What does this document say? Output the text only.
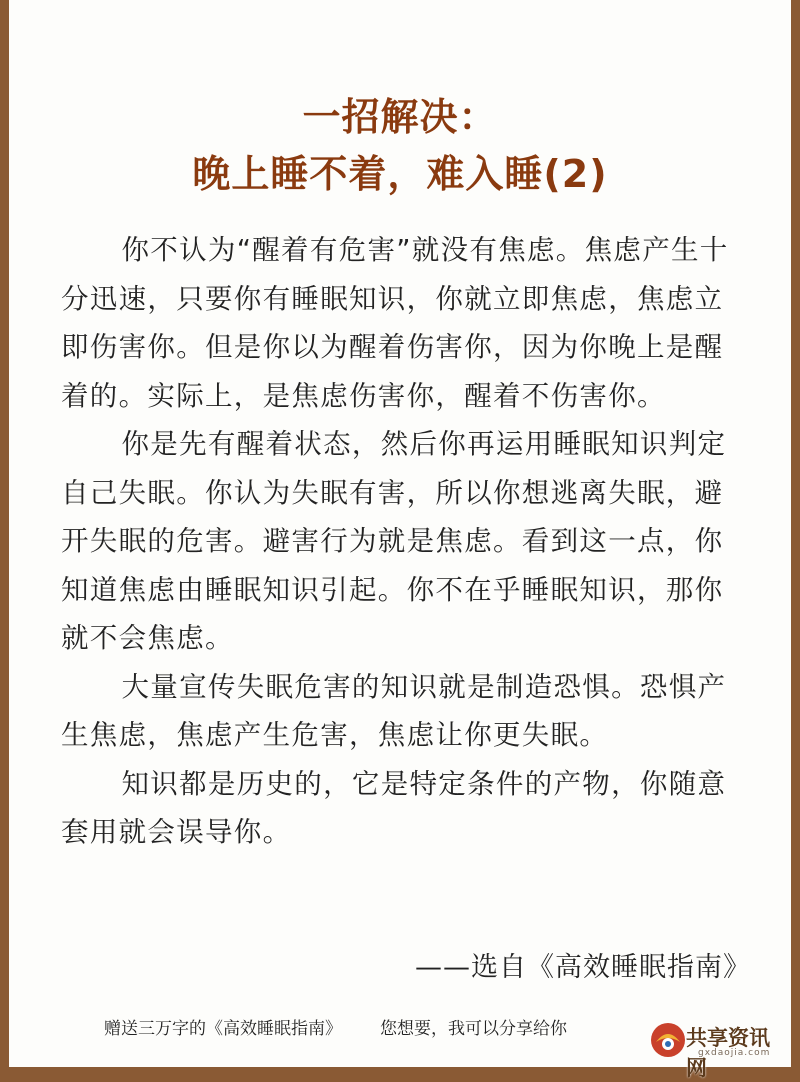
一招解决：
晚上睡不着，难入睡(2)

你不认为“醒着有危害”就没有焦虑。焦虑产生十分迅速，只要你有睡眠知识，你就立即焦虑，焦虑立即伤害你。但是你以为醒着伤害你，因为你晚上是醒着的。实际上，是焦虑伤害你，醒着不伤害你。

你是先有醒着状态，然后你再运用睡眠知识判定自己失眠。你认为失眠有害，所以你想逃离失眠，避开失眠的危害。避害行为就是焦虑。看到这一点，你知道焦虑由睡眠知识引起。你不在乎睡眠知识，那你就不会焦虑。

大量宣传失眠危害的知识就是制造恐惧。恐惧产生焦虑，焦虑产生危害，焦虑让你更失眠。

知识都是历史的，它是特定条件的产物，你随意套用就会误导你。

——选自《高效睡眠指南》
赠送三万字的《高效睡眠指南》 您想要，我可以分享给你	共享资讯网
gxdaojia.com
